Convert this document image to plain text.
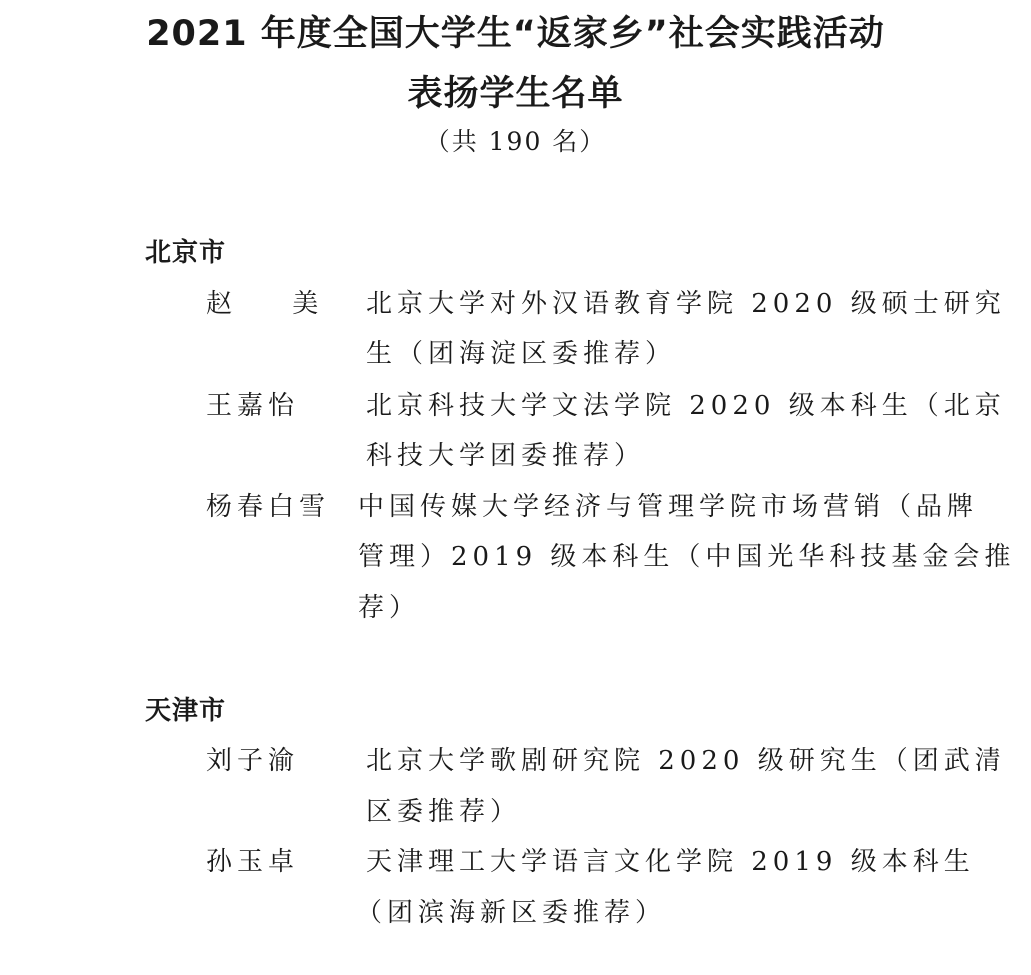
2021 年度全国大学生“返家乡”社会实践活动
表扬学生名单
（共 190 名）
北京市
赵 美 北京大学对外汉语教育学院 2020 级硕士研究
生（团海淀区委推荐）
王嘉怡	北京科技大学文法学院 2020 级本科生（北京
科技大学团委推荐）
杨春白雪 中国传媒大学经济与管理学院市场营销（品牌
管理）2019 级本科生（中国光华科技基金会推
荐）
天津市
刘子渝	北京大学歌剧研究院 2020 级研究生（团武清
区委推荐）
孙玉卓	天津理工大学语言文化学院 2019 级本科生
（团滨海新区委推荐）
